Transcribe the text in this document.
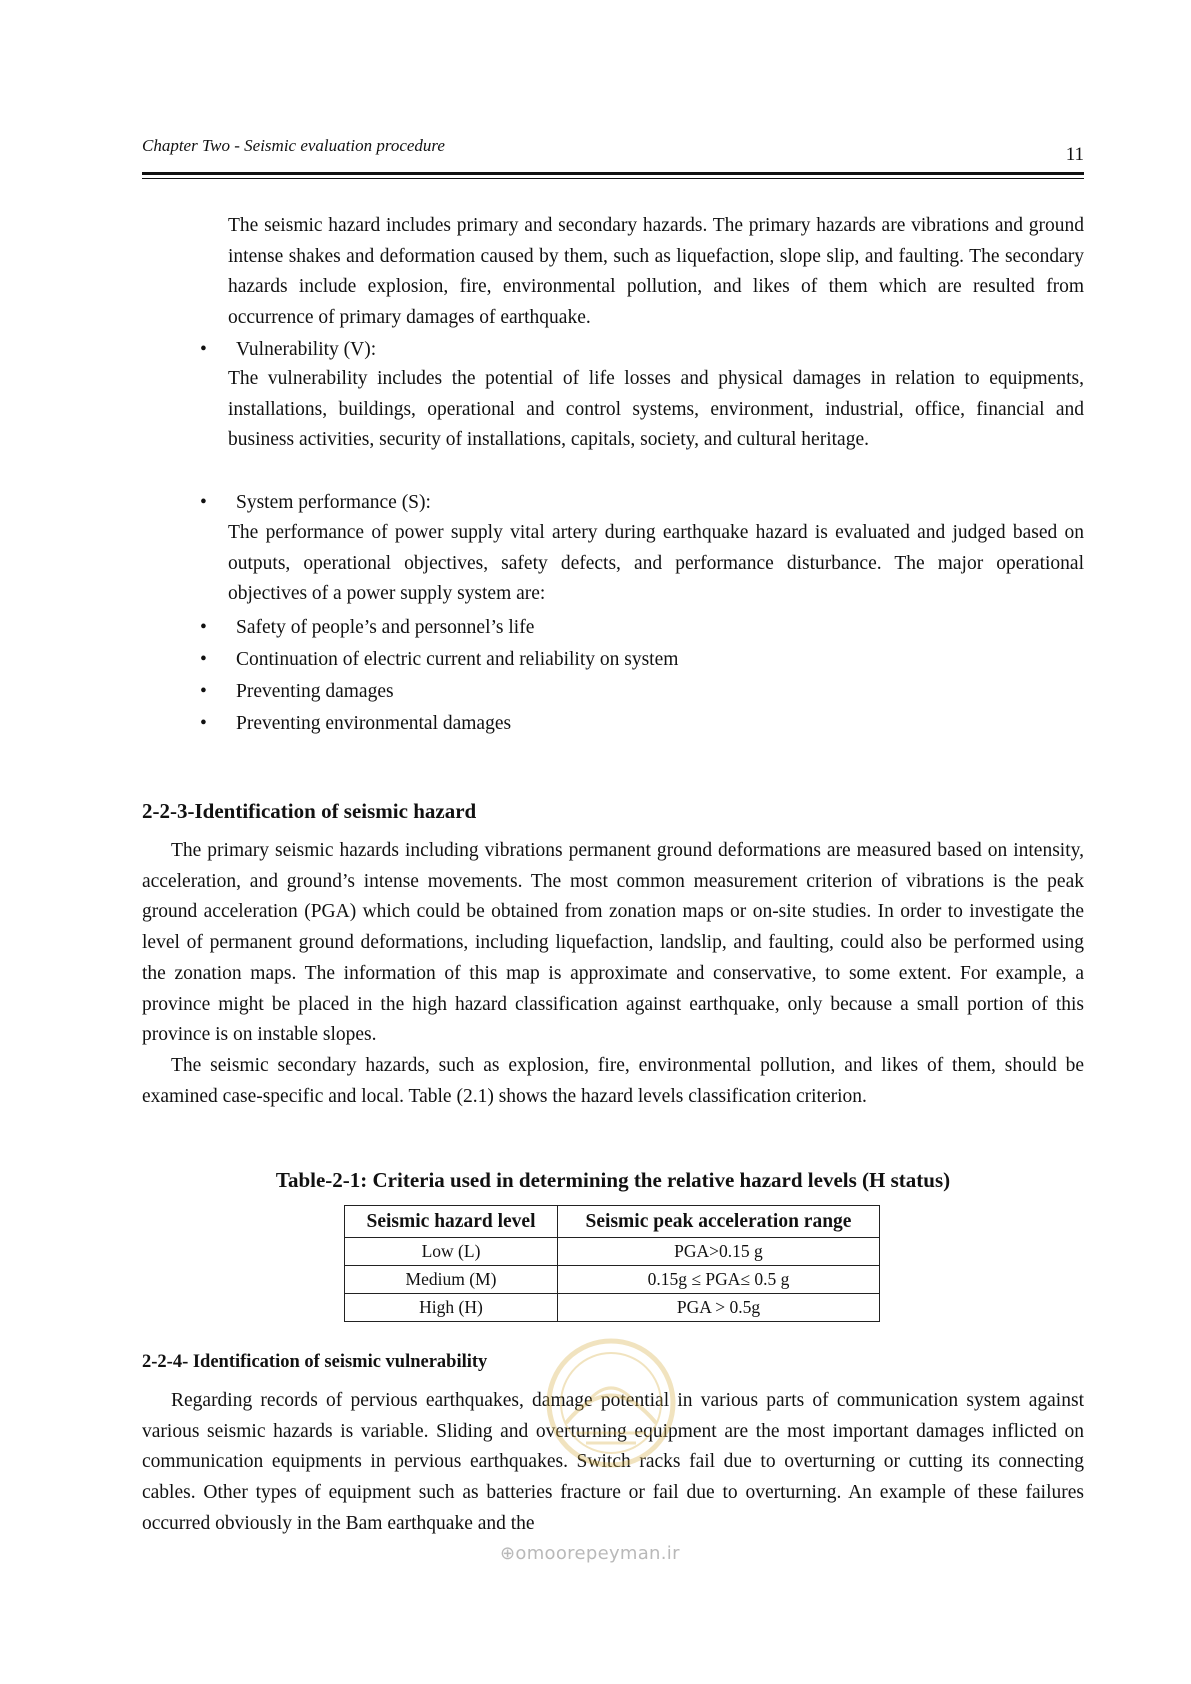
Chapter Two - Seismic evaluation procedure	11

The seismic hazard includes primary and secondary hazards. The primary hazards are vibrations and ground intense shakes and deformation caused by them, such as liquefaction, slope slip, and faulting. The secondary hazards include explosion, fire, environmental pollution, and likes of them which are resulted from occurrence of primary damages of earthquake.

• Vulnerability (V):

The vulnerability includes the potential of life losses and physical damages in relation to equipments, installations, buildings, operational and control systems, environment, industrial, office, financial and business activities, security of installations, capitals, society, and cultural heritage.

• System performance (S):

The performance of power supply vital artery during earthquake hazard is evaluated and judged based on outputs, operational objectives, safety defects, and performance disturbance. The major operational objectives of a power supply system are:

• Safety of people’s and personnel’s life
• Continuation of electric current and reliability on system
• Preventing damages
• Preventing environmental damages
2-2-3-Identification of seismic hazard

The primary seismic hazards including vibrations permanent ground deformations are measured based on intensity, acceleration, and ground’s intense movements. The most common measurement criterion of vibrations is the peak ground acceleration (PGA) which could be obtained from zonation maps or on-site studies. In order to investigate the level of permanent ground deformations, including liquefaction, landslip, and faulting, could also be performed using the zonation maps. The information of this map is approximate and conservative, to some extent. For example, a province might be placed in the high hazard classification against earthquake, only because a small portion of this province is on instable slopes.

The seismic secondary hazards, such as explosion, fire, environmental pollution, and likes of them, should be examined case-specific and local. Table (2.1) shows the hazard levels classification criterion.

Table-2-1: Criteria used in determining the relative hazard levels (H status)
Seismic hazard level	Seismic peak acceleration range
Low (L)	PGA>0.15 g
Medium (M)	0.15g ≤ PGA≤ 0.5 g
High (H)	PGA > 0.5g
2-2-4- Identification of seismic vulnerability

Regarding records of pervious earthquakes, damage potential in various parts of communication system against various seismic hazards is variable. Sliding and overturning equipment are the most important damages inflicted on communication equipments in pervious earthquakes. Switch racks fail due to overturning or cutting its connecting cables. Other types of equipment such as batteries fracture or fail due to overturning. An example of these failures occurred obviously in the Bam earthquake and the

⊕omoorepeyman.ir
